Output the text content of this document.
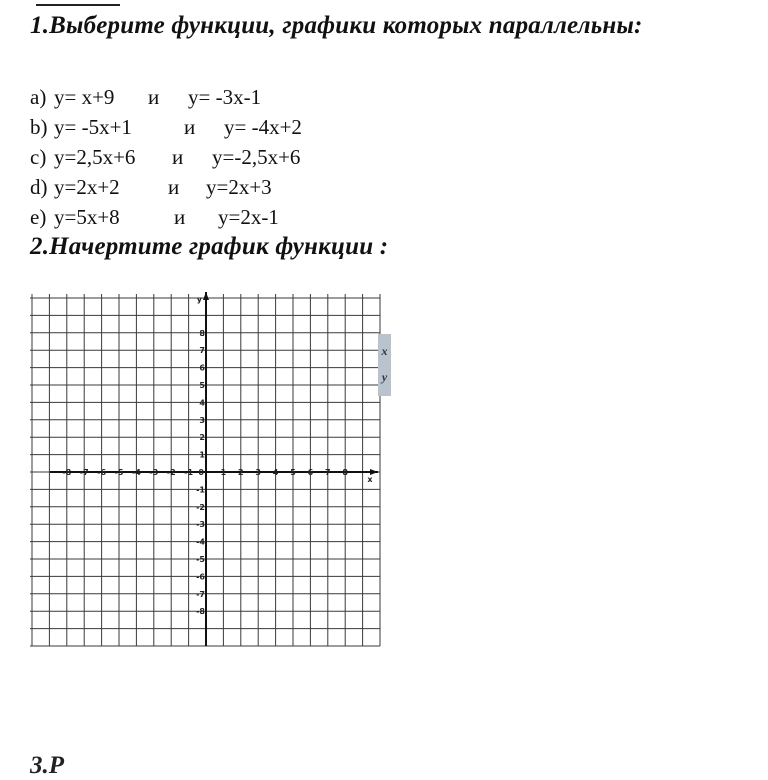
1.Выберите функции, графики которых параллельны:
a) y= x+9 и y= -3x-1
b) y= -5x+1 и y= -4x+2
c) y=2,5x+6 и y=-2,5x+6
d) y=2x+2 и y=2x+3
e) y=5x+8	и y=2x-1
2.Начертите график функции :
-8 -7 -6 -5 -4 -3 -2 -1	1 2 3 4 5 6 7 8
1
2
3
4
5
6
7
8
-1
-2
-3
-4
-5
-6
-7
-8
0
x
y
x
y
3.Р
